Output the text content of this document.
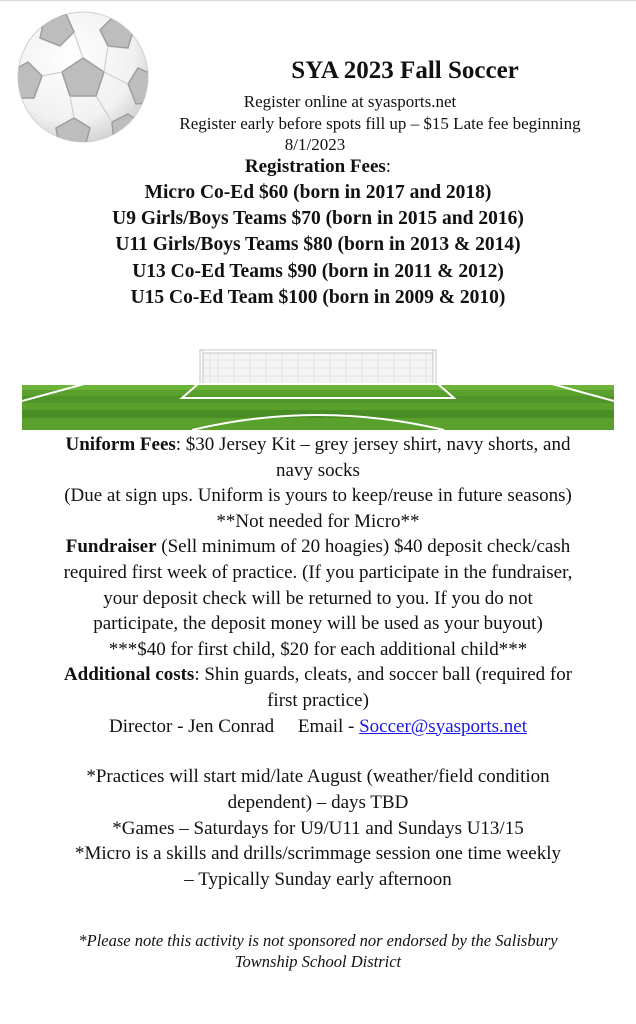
SYA 2023 Fall Soccer
Register online at syasports.net
Register early before spots fill up – $15 Late fee beginning
8/1/2023
Registration Fees:
Micro Co-Ed $60 (born in 2017 and 2018)
U9 Girls/Boys Teams $70 (born in 2015 and 2016)
U11 Girls/Boys Teams $80 (born in 2013 & 2014)
U13 Co-Ed Teams $90 (born in 2011 & 2012)
U15 Co-Ed Team $100 (born in 2009 & 2010)
Uniform Fees: $30 Jersey Kit – grey jersey shirt, navy shorts, and
navy socks
(Due at sign ups. Uniform is yours to keep/reuse in future seasons)
**Not needed for Micro**
Fundraiser (Sell minimum of 20 hoagies) $40 deposit check/cash
required first week of practice. (If you participate in the fundraiser,
your deposit check will be returned to you. If you do not
participate, the deposit money will be used as your buyout)
***$40 for first child, $20 for each additional child***
Additional costs: Shin guards, cleats, and soccer ball (required for
first practice)
Director - Jen Conrad Email - Soccer@syasports.net
*Practices will start mid/late August (weather/field condition
dependent) – days TBD
*Games – Saturdays for U9/U11 and Sundays U13/15
*Micro is a skills and drills/scrimmage session one time weekly
– Typically Sunday early afternoon
*Please note this activity is not sponsored nor endorsed by the Salisbury
Township School District
